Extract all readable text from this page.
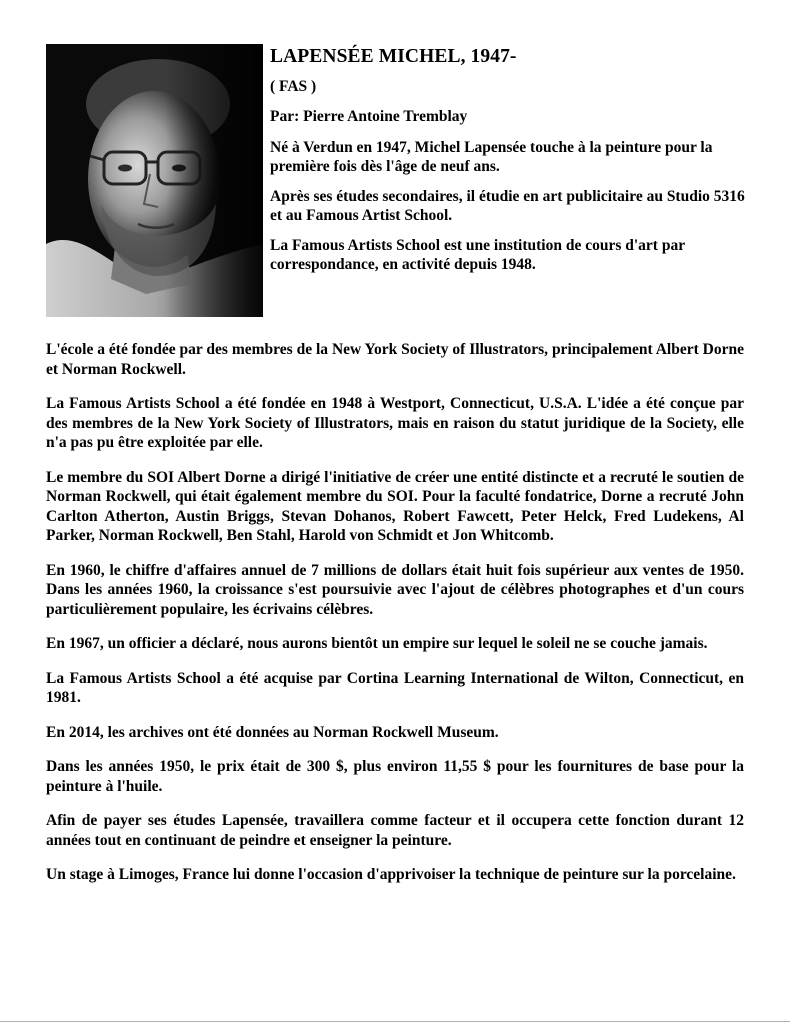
LAPENSÉE MICHEL, 1947-
( FAS )
Par: Pierre Antoine Tremblay

Né à Verdun en 1947, Michel Lapensée touche à la peinture pour la première fois dès l'âge de neuf ans.

Après ses études secondaires, il étudie en art publicitaire au Studio 5316 et au Famous Artist School.

La Famous Artists School est une institution de cours d'art par correspondance, en activité depuis 1948.

L'école a été fondée par des membres de la New York Society of Illustrators, principalement Albert Dorne et Norman Rockwell.

La Famous Artists School a été fondée en 1948 à Westport, Connecticut, U.S.A. L'idée a été conçue par des membres de la New York Society of Illustrators, mais en raison du statut juridique de la Society, elle n'a pas pu être exploitée par elle.

Le membre du SOI Albert Dorne a dirigé l'initiative de créer une entité distincte et a recruté le soutien de Norman Rockwell, qui était également membre du SOI. Pour la faculté fondatrice, Dorne a recruté John Carlton Atherton, Austin Briggs, Stevan Dohanos, Robert Fawcett, Peter Helck, Fred Ludekens, Al Parker, Norman Rockwell, Ben Stahl, Harold von Schmidt et Jon Whitcomb.

En 1960, le chiffre d'affaires annuel de 7 millions de dollars était huit fois supérieur aux ventes de 1950. Dans les années 1960, la croissance s'est poursuivie avec l'ajout de célèbres photographes et d'un cours particulièrement populaire, les écrivains célèbres.

En 1967, un officier a déclaré, nous aurons bientôt un empire sur lequel le soleil ne se couche jamais.

La Famous Artists School a été acquise par Cortina Learning International de Wilton, Connecticut, en 1981.

En 2014, les archives ont été données au Norman Rockwell Museum.

Dans les années 1950, le prix était de 300 $, plus environ 11,55 $ pour les fournitures de base pour la peinture à l'huile.

Afin de payer ses études Lapensée, travaillera comme facteur et il occupera cette fonction durant 12 années tout en continuant de peindre et enseigner la peinture.

Un stage à Limoges, France lui donne l'occasion d'apprivoiser la technique de peinture sur la porcelaine.
